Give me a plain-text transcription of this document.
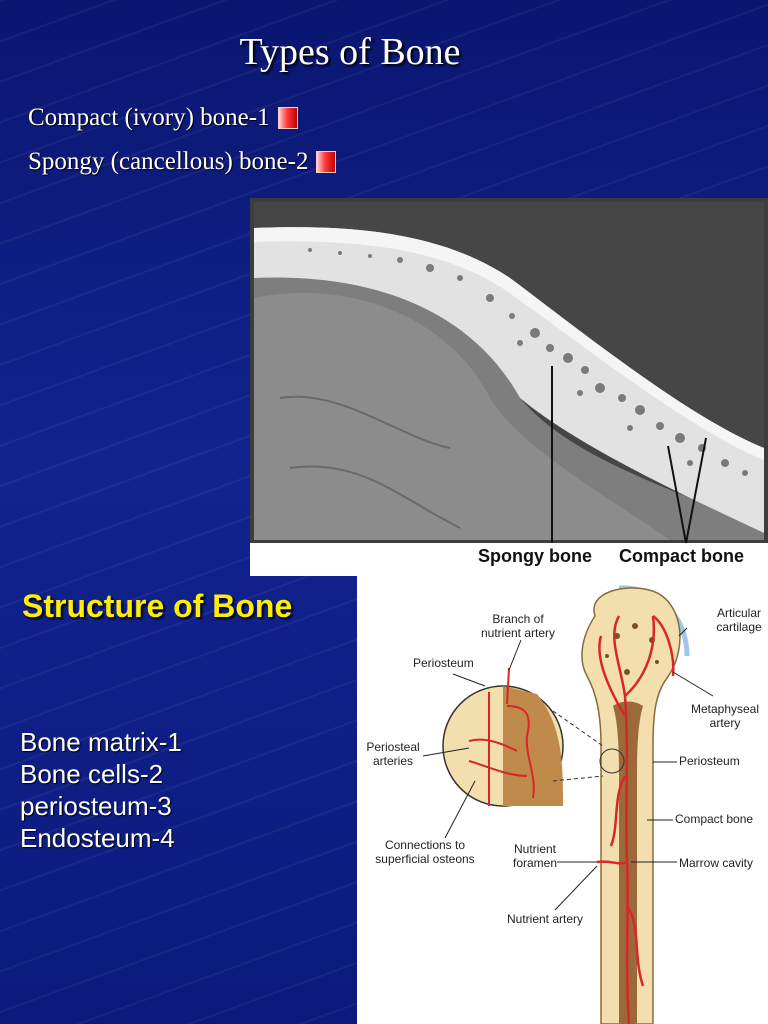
Types of Bone
Compact (ivory) bone-1
Spongy (cancellous) bone-2
Spongy bone Compact bone
Structure of Bone
Bone matrix-1
Bone cells-2
periosteum-3
Endosteum-4
Branch of
nutrient artery
Periosteum
Periosteal
arteries
Connections to
superficial osteons
Articular
cartilage
Metaphyseal
artery
Periosteum
Compact bone
Nutrient
foramen	Marrow cavity
Nutrient artery
